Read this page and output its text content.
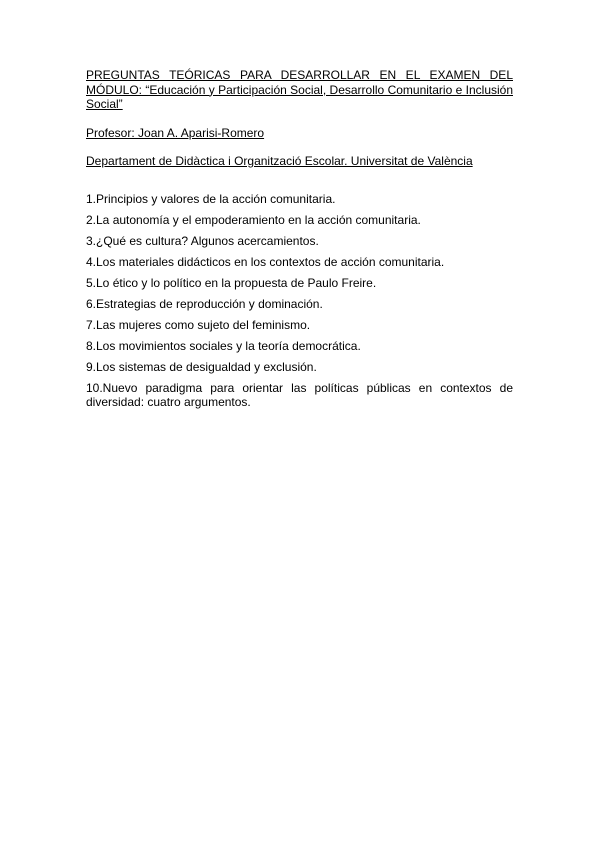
PREGUNTAS TEÓRICAS PARA DESARROLLAR EN EL EXAMEN DEL MÓDULO: “Educación y Participación Social, Desarrollo Comunitario e Inclusión Social”

Profesor: Joan A. Aparisi-Romero

Departament de Didàctica i Organització Escolar. Universitat de València

1.Principios y valores de la acción comunitaria.
2.La autonomía y el empoderamiento en la acción comunitaria.
3.¿Qué es cultura? Algunos acercamientos.
4.Los materiales didácticos en los contextos de acción comunitaria.
5.Lo ético y lo político en la propuesta de Paulo Freire.
6.Estrategias de reproducción y dominación.
7.Las mujeres como sujeto del feminismo.
8.Los movimientos sociales y la teoría democrática.
9.Los sistemas de desigualdad y exclusión.
10.Nuevo paradigma para orientar las políticas públicas en contextos de diversidad: cuatro argumentos.
